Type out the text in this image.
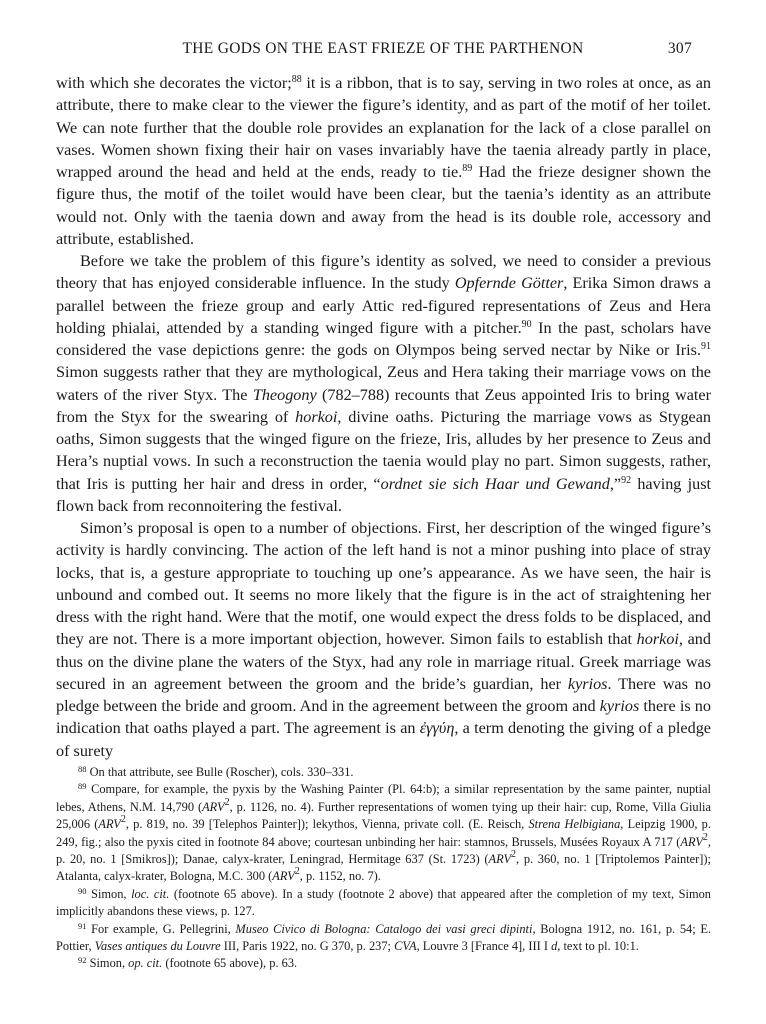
THE GODS ON THE EAST FRIEZE OF THE PARTHENON	307

with which she decorates the victor;$^{88}$ it is a ribbon, that is to say, serving in two roles at once, as an attribute, there to make clear to the viewer the figure’s identity, and as part of the motif of her toilet. We can note further that the double role provides an explanation for the lack of a close parallel on vases. Women shown fixing their hair on vases invariably have the taenia already partly in place, wrapped around the head and held at the ends, ready to tie.$^{89}$ Had the frieze designer shown the figure thus, the motif of the toilet would have been clear, but the taenia’s identity as an attribute would not. Only with the taenia down and away from the head is its double role, accessory and attribute, established.

Before we take the problem of this figure’s identity as solved, we need to consider a previous theory that has enjoyed considerable influence. In the study Opfernde Götter, Erika Simon draws a parallel between the frieze group and early Attic red-figured representations of Zeus and Hera holding phialai, attended by a standing winged figure with a pitcher.$^{90}$ In the past, scholars have considered the vase depictions genre: the gods on Olympos being served nectar by Nike or Iris.$^{91}$ Simon suggests rather that they are mythological, Zeus and Hera taking their marriage vows on the waters of the river Styx. The Theogony (782–788) recounts that Zeus appointed Iris to bring water from the Styx for the swearing of horkoi, divine oaths. Picturing the marriage vows as Stygean oaths, Simon suggests that the winged figure on the frieze, Iris, alludes by her presence to Zeus and Hera’s nuptial vows. In such a reconstruction the taenia would play no part. Simon suggests, rather, that Iris is putting her hair and dress in order, “ordnet sie sich Haar und Gewand,”$^{92}$ having just flown back from reconnoitering the festival.

Simon’s proposal is open to a number of objections. First, her description of the winged figure’s activity is hardly convincing. The action of the left hand is not a minor pushing into place of stray locks, that is, a gesture appropriate to touching up one’s appearance. As we have seen, the hair is unbound and combed out. It seems no more likely that the figure is in the act of straightening her dress with the right hand. Were that the motif, one would expect the dress folds to be displaced, and they are not. There is a more important objection, however. Simon fails to establish that horkoi, and thus on the divine plane the waters of the Styx, had any role in marriage ritual. Greek marriage was secured in an agreement between the groom and the bride’s guardian, her kyrios. There was no pledge between the bride and groom. And in the agreement between the groom and kyrios there is no indication that oaths played a part. The agreement is an ἐγγύη, a term denoting the giving of a pledge of surety

$^{88}$ On that attribute, see Bulle (Roscher), cols. 330–331.

$^{89}$ Compare, for example, the pyxis by the Washing Painter (Pl. 64:b); a similar representation by the same painter, nuptial lebes, Athens, N.M. 14,790 (ARV$^2$, p. 1126, no. 4). Further representations of women tying up their hair: cup, Rome, Villa Giulia 25,006 (ARV$^2$, p. 819, no. 39 [Telephos Painter]); lekythos, Vienna, private coll. (E. Reisch, Strena Helbigiana, Leipzig 1900, p. 249, fig.; also the pyxis cited in footnote 84 above; courtesan unbinding her hair: stamnos, Brussels, Musées Royaux A 717 (ARV$^2$, p. 20, no. 1 [Smikros]); Danae, calyx-krater, Leningrad, Hermitage 637 (St. 1723) (ARV$^2$, p. 360, no. 1 [Triptolemos Painter]); Atalanta, calyx-krater, Bologna, M.C. 300 (ARV$^2$, p. 1152, no. 7).

$^{90}$ Simon, loc. cit. (footnote 65 above). In a study (footnote 2 above) that appeared after the completion of my text, Simon implicitly abandons these views, p. 127.

$^{91}$ For example, G. Pellegrini, Museo Civico di Bologna: Catalogo dei vasi greci dipinti, Bologna 1912, no. 161, p. 54; E. Pottier, Vases antiques du Louvre III, Paris 1922, no. G 370, p. 237; CVA, Louvre 3 [France 4], III I d, text to pl. 10:1.

$^{92}$ Simon, op. cit. (footnote 65 above), p. 63.
